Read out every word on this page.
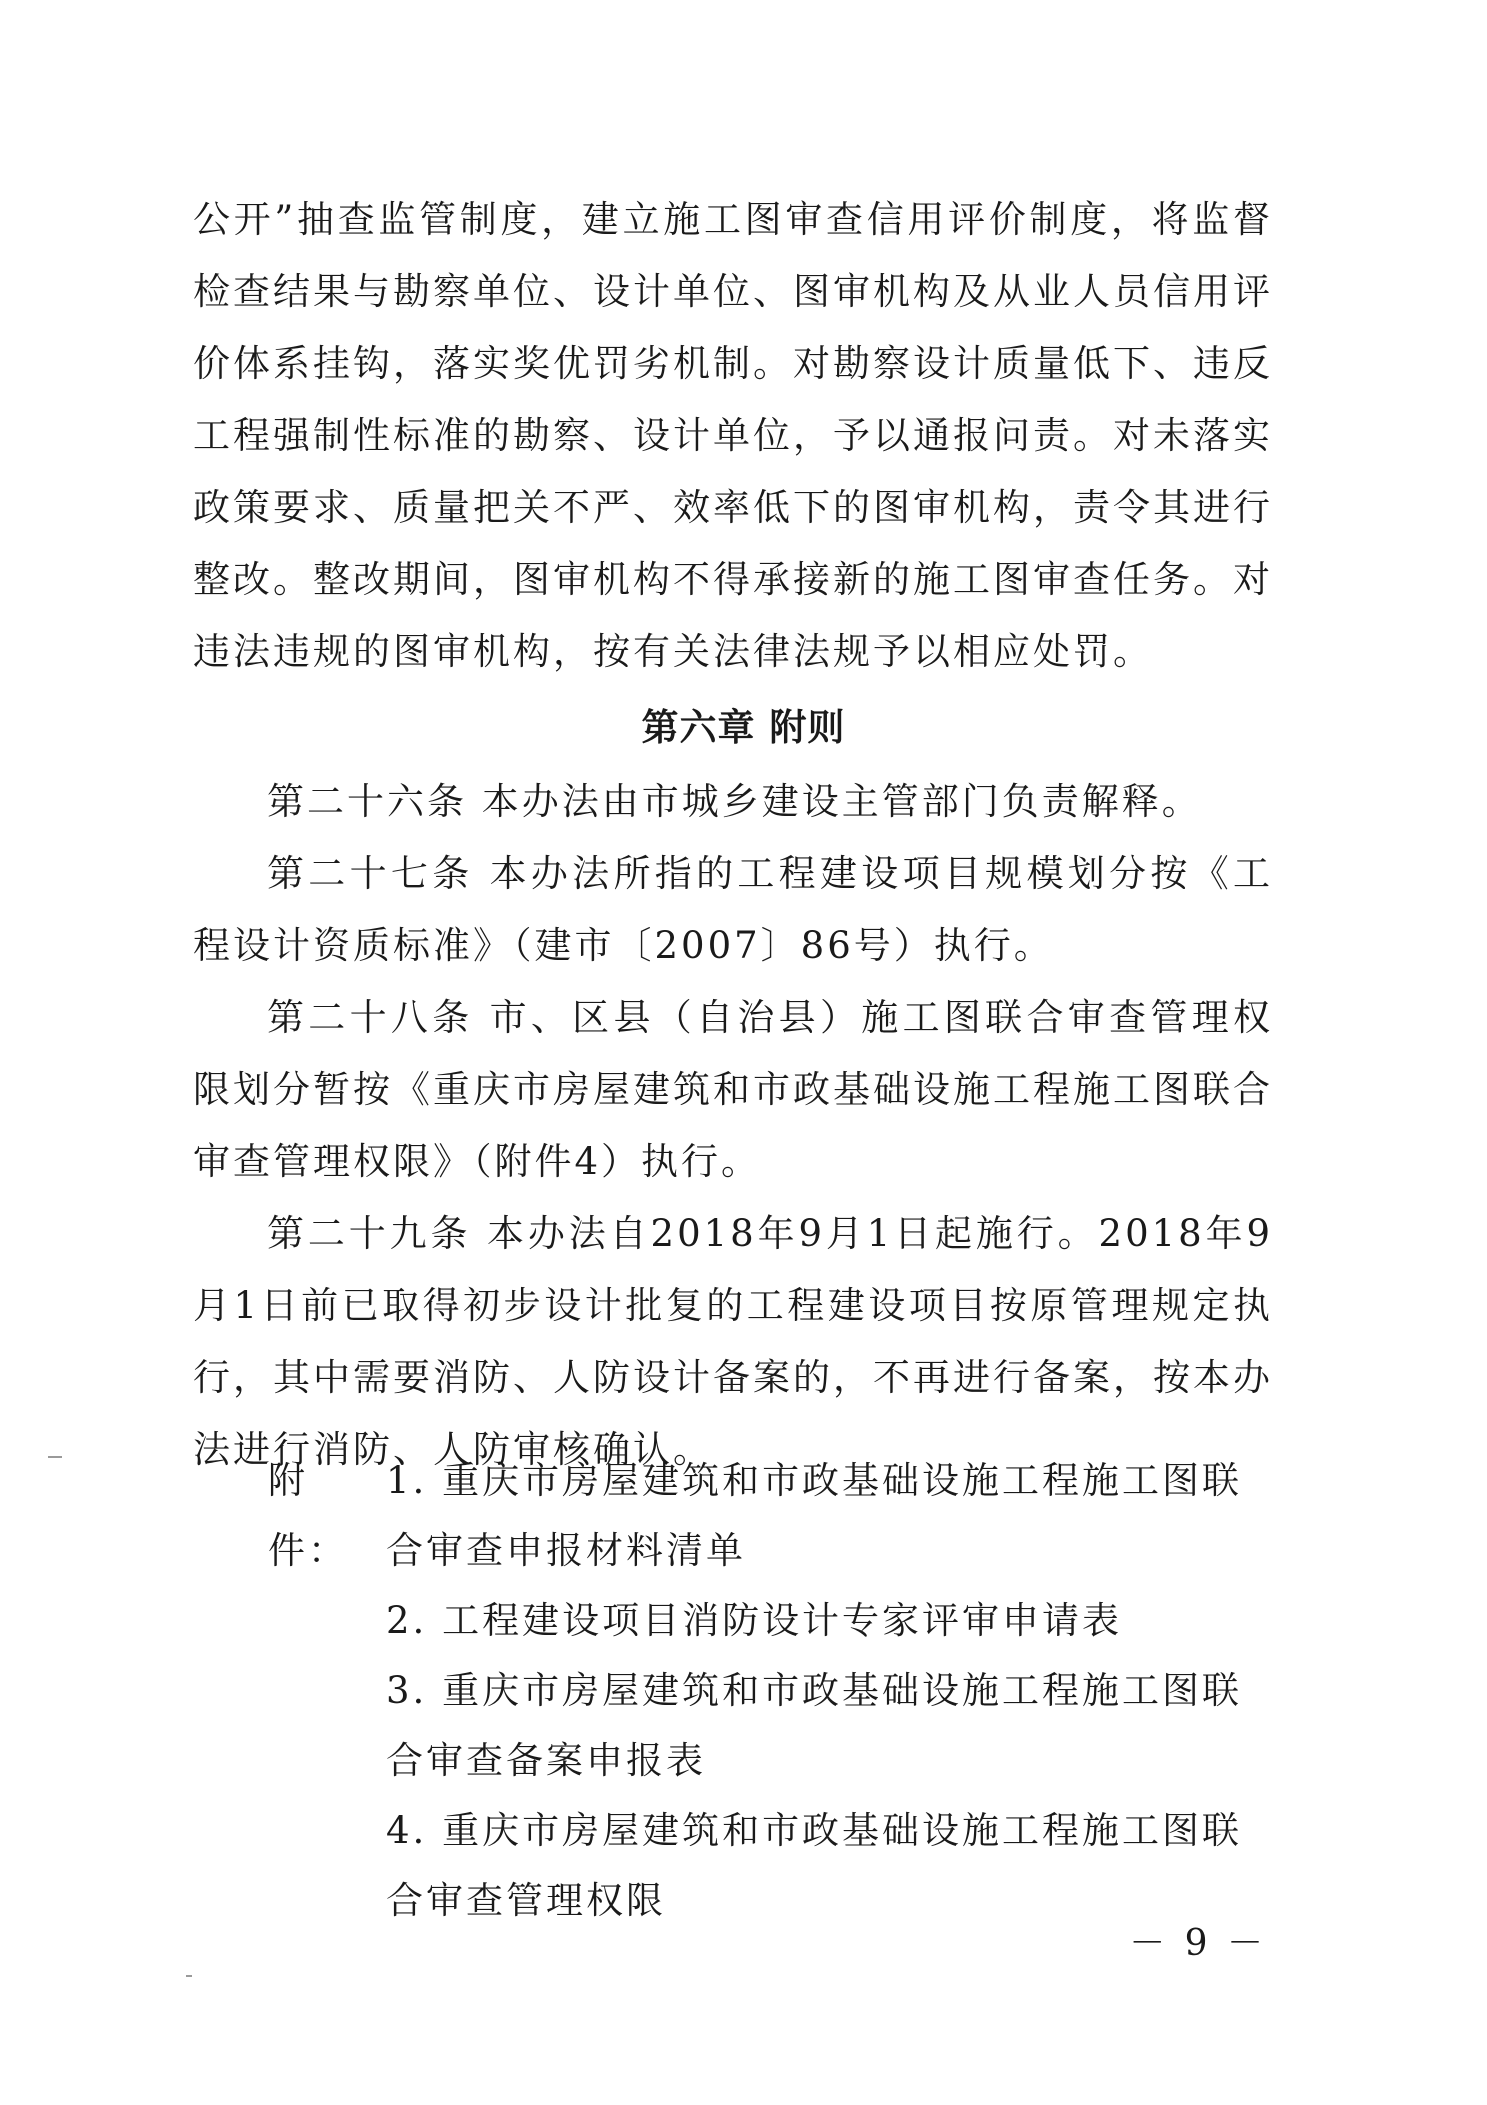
公开”抽查监管制度，建立施工图审查信用评价制度，将监督检查结果与勘察单位、设计单位、图审机构及从业人员信用评价体系挂钩，落实奖优罚劣机制。对勘察设计质量低下、违反工程强制性标准的勘察、设计单位，予以通报问责。对未落实政策要求、质量把关不严、效率低下的图审机构，责令其进行整改。整改期间，图审机构不得承接新的施工图审查任务。对违法违规的图审机构，按有关法律法规予以相应处罚。

第六章 附则

第二十六条 本办法由市城乡建设主管部门负责解释。

第二十七条 本办法所指的工程建设项目规模划分按《工程设计资质标准》（建市〔2007〕86号）执行。

第二十八条 市、区县（自治县）施工图联合审查管理权限划分暂按《重庆市房屋建筑和市政基础设施工程施工图联合审查管理权限》（附件4）执行。

第二十九条 本办法自2018年9月1日起施行。2018年9月1日前已取得初步设计批复的工程建设项目按原管理规定执行，其中需要消防、人防设计备案的，不再进行备案，按本办法进行消防、人防审核确认。

附件：

1. 重庆市房屋建筑和市政基础设施工程施工图联合审查申报材料清单

2. 工程建设项目消防设计专家评审申请表

3. 重庆市房屋建筑和市政基础设施工程施工图联合审查备案申报表

4. 重庆市房屋建筑和市政基础设施工程施工图联合审查管理权限

－ 9 －
